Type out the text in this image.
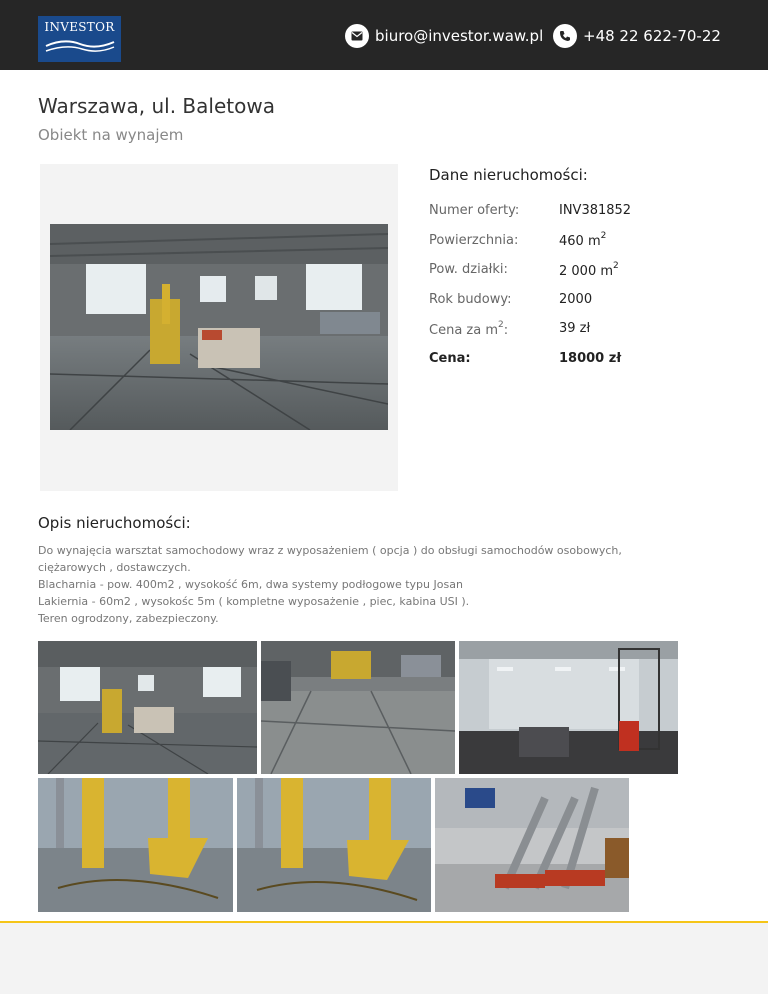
INVESTOR	biuro@investor.waw.pl	+48 22 622-70-22
Warszawa, ul. Baletowa
Obiekt na wynajem
Dane nieruchomości:
Numer oferty:	INV381852
Powierzchnia:	460 $m^2$
Pow. działki:	2 000 $m^2$
Rok budowy:	2000
Cena za $m^2$:	39 zł
Cena:	18000 zł
Opis nieruchomości:
Do wynajęcia warsztat samochodowy wraz z wyposażeniem ( opcja ) do obsługi samochodów osobowych,
ciężarowych , dostawczych.
Blacharnia - pow. 400m2 , wysokość 6m, dwa systemy podłogowe typu Josan
Lakiernia - 60m2 , wysokośc 5m ( kompletne wyposażenie , piec, kabina USI ).
Teren ogrodzony, zabezpieczony.
